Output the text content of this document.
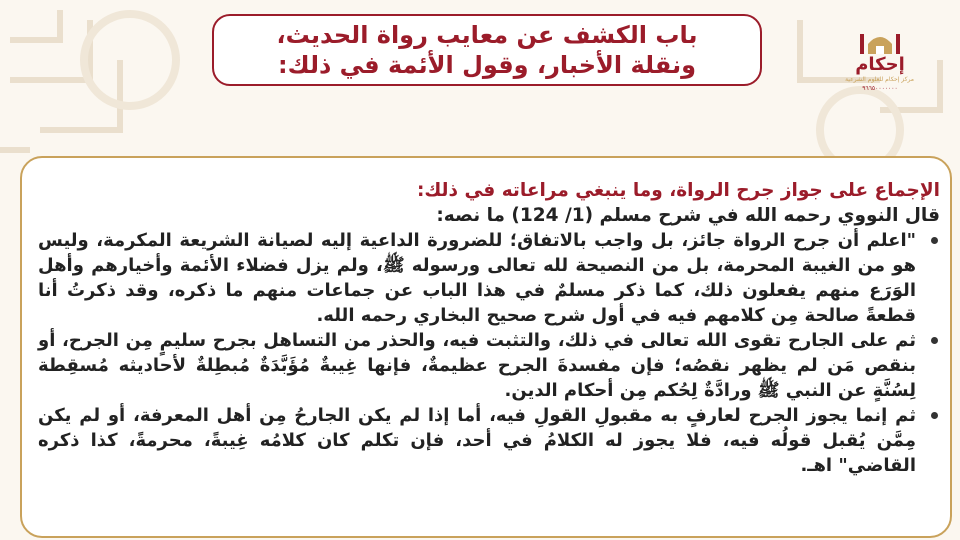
باب الكشف عن معايب رواة الحديث،
ونقلة الأخبار، وقول الأئمة في ذلك:	إحكام
مركز إحكام للعلوم الشرعية
٩٦٦٥٠٠٠٠٠٠٠
الإجماع على جواز جرح الرواة، وما ينبغي مراعاته في ذلك:
قال النووي رحمه الله في شرح مسلم (1/ 124) ما نصه:
"اعلم أن جرح الرواة جائز، بل واجب بالاتفاق؛ للضرورة الداعية إليه لصيانة الشريعة المكرمة، وليس هو من الغيبة المحرمة، بل من النصيحة لله تعالى ورسوله ﷺ، ولم يزل فضلاء الأئمة وأخيارهم وأهل الوَرَع منهم يفعلون ذلك، كما ذكر مسلمٌ في هذا الباب عن جماعات منهم ما ذكره، وقد ذكرتُ أنا قطعةً صالحة مِن كلامهم فيه في أول شرح صحيح البخاري رحمه الله.
ثم على الجارح تقوى الله تعالى في ذلك، والتثبت فيه، والحذر من التساهل بجرح سليمٍ مِن الجرح، أو بنقص مَن لم يظهر نقصُه؛ فإن مفسدةَ الجرح عظيمةٌ، فإنها غِيبةٌ مُؤَبَّدَةٌ مُبطِلةٌ لأحاديثه مُسقِطة لِسُنَّةٍ عن النبي ﷺ ورادَّةٌ لِحُكم مِن أحكام الدين.
ثم إنما يجوز الجرح لعارفٍ به مقبولِ القولِ فيه، أما إذا لم يكن الجارحُ مِن أهل المعرفة، أو لم يكن مِمَّن يُقبل قولُه فيه، فلا يجوز له الكلامُ في أحد، فإن تكلم كان كلامُه غِيبةً، محرمةً، كذا ذكره القاضي" اهـ.
